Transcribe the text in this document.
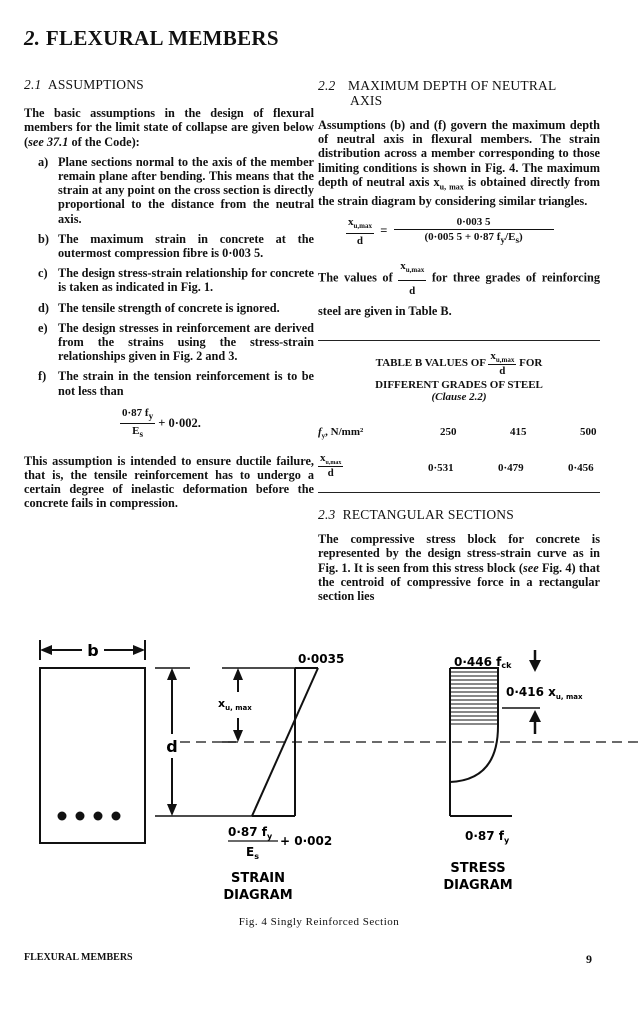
2. FLEXURAL MEMBERS
2.1 ASSUMPTIONS

The basic assumptions in the design of flexural members for the limit state of collapse are given below (see 37.1 of the Code):

a) Plane sections normal to the axis of the member remain plane after bending. This means that the strain at any point on the cross section is directly proportional to the distance from the neutral axis.
b) The maximum strain in concrete at the outermost compression fibre is 0·003 5.
c) The design stress-strain relationship for concrete is taken as indicated in Fig. 1.
d) The tensile strength of concrete is ignored.
e) The design stresses in reinforcement are derived from the strains using the stress-strain relationships given in Fig. 2 and 3.
f) The strain in the tension reinforcement is to be not less than
$\frac{0\cdot 87 f_y}{E_s} + 0\cdot 002$.

This assumption is intended to ensure ductile failure, that is, the tensile reinforcement has to undergo a certain degree of inelastic deformation before the concrete fails in compression.

2.2 MAXIMUM DEPTH OF NEUTRAL
AXIS

Assumptions (b) and (f) govern the maximum depth of neutral axis in flexural members. The strain distribution across a member corresponding to those limiting conditions is shown in Fig. 4. The maximum depth of neutral axis $x_{u, max}$ is obtained directly from the strain diagram by considering similar triangles.

$\frac{x_{u,max}}{d} = \frac{0\cdot 003 5}{(0\cdot 005 5 + 0\cdot 87 f_y/E_s)}$

The values of $\frac{x_{u,max}}{d}$ for three grades of reinforcing steel are given in Table B.

TABLE B VALUES OF $\frac{x_{u,max}}{d}$ FOR
DIFFERENT GRADES OF STEEL
(Clause 2.2)
$f_y$, N/mm²	250	415	500
$x_{u,max}$
d	0·531	0·479	0·456
2.3 RECTANGULAR SECTIONS

The compressive stress block for concrete is represented by the design stress-strain curve as in Fig. 1. It is seen from this stress block (see Fig. 4) that the centroid of compressive force in a rectangular section lies

b
d
$x_{u, max}$
0·0035
0·87 $f_y$
$E_s$
+ 0·002
STRAIN
DIAGRAM
0·446 fck
0·416 $x_{u, max}$
0·87 $f_y$
STRESS
DIAGRAM
Fig. 4 Singly Reinforced Section
FLEXURAL MEMBERS	9
